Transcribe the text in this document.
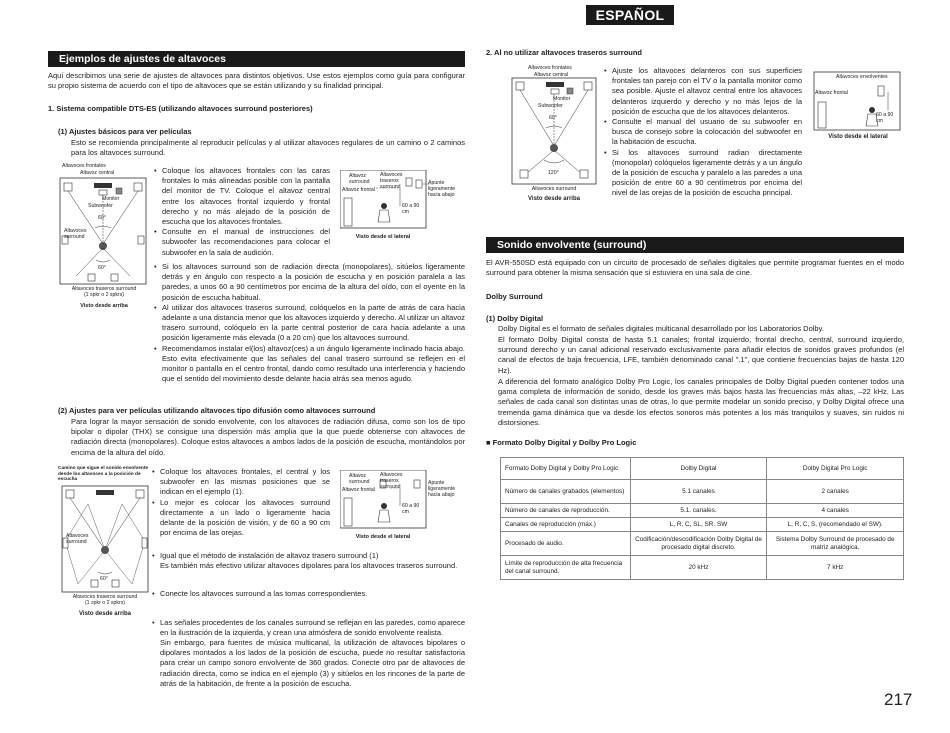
ESPAÑOL
Ejemplos de ajustes de altavoces
Aquí describimos una serie de ajustes de altavoces para distintos objetivos. Use estos ejemplos como guía para configurar su propio sistema de acuerdo con el tipo de altavoces que se están utilizando y su finalidad principal.
1. Sistema compatible DTS-ES (utilizando altavoces surround posteriores)
(1) Ajustes básicos para ver películas
Esto se recomienda principalmente al reproducir películas y al utilizar altavoces regulares de un camino o 2 caminos para los altavoces surround.
Altavoces frontales
Altavoz central
Monitor
Subwoofer
60°
Altavoces surround
60°
Altavoces traseros surround
(1 spkr o 2 spkrs)
Visto desde arriba
Altavoz surround
Altavoces traseros surround
Apunte ligeramente hacia abajo
Altavoz frontal
60 a 90 cm
Visto desde el lateral
• Coloque los altavoces frontales con las caras frontales lo más alineadas posible con la pantalla del monitor de TV. Coloque el altavoz central entre los altavoces frontal izquierdo y frontal derecho y no más alejado de la posición de escucha que los altavoces frontales.
• Consulte en el manual de instrucciones del subwoofer las recomendaciones para colocar el subwoofer en la sala de audición.
• Si los altavoces surround son de radiación directa (monopolares), sitúelos ligeramente detrás y en ángulo con respecto a la posición de escucha y en posición paralela a las paredes, a unos 60 a 90 centímetros por encima de la altura del oído, con el oyente en la posición de escucha habitual.
• Al utilizar dos altavoces traseros surround, colóquelos en la parte de atrás de cara hacia adelante a una distancia menor que los altavoces izquierdo y derecho. Al utilizar un altavoz trasero surround, colóquelo en la parte central posterior de cara hacia adelante a una posición ligeramente más elevada (0 a 20 cm) que los altavoces surround.
• Recomendamos instalar el(los) altavoz(ces) a un ángulo ligeramente inclinado hacia abajo. Esto evita efectivamente que las señales del canal trasero surround se reflejen en el monitor o pantalla en el centro frontal, dando como resultado una interferencia y haciendo que el sentido del movimiento desde delante hacia atrás sea menos agudo.
(2) Ajustes para ver películas utilizando altavoces tipo difusión como altavoces surround
Para lograr la mayor sensación de sonido envolvente, con los altavoces de radiación difusa, como son los de tipo bipolar o dipolar (THX) se consigue una dispersión más amplia que la que puede obtenerse con altavoces de radiación directa (monopolares). Coloque estos altavoces a ambos lados de la posición de escucha, montándolos por encima de la altura del oído.
Camino que sigue el sonido envolvente desde los altavoces a la posición de escucha
Altavoces surround
60°
Altavoces traseros surround
(1 spkr o 2 spkrs)
Visto desde arriba
Altavoz surround
Altavoces traseros surround
Apunte ligeramente hacia abajo
Altavoz frontal
60 a 90 cm
Visto desde el lateral
• Coloque los altavoces frontales, el central y los subwoofer en las mismas posiciones que se indican en el ejemplo (1).
• Lo mejor es colocar los altavoces surround directamente a un lado o ligeramente hacia delante de la posición de visión, y de 60 a 90 cm por encima de las orejas.

• Igual que el método de instalación de altavoz trasero surround (1)
Es también más efectivo utilizar altavoces dipolares para los altavoces traseros surround.

• Conecte los altavoces surround a las tomas correspondientes.

• Las señales procedentes de los canales surround se reflejan en las paredes, como aparece en la ilustración de la izquierda, y crean una atmósfera de sonido envolvente realista.
Sin embargo, para fuentes de música multicanal, la utilización de altavoces bipolares o dipolares montados a los lados de la posición de escucha, puede no resultar satisfactoria para crear un campo sonoro envolvente de 360 grados. Conecte otro par de altavoces de radiación directa, como se indica en el ejemplo (3) y sitúelos en los rincones de la parte de atrás de la habitación, de frente a la posición de escucha.

2. Al no utilizar altavoces traseros surround
Altavoces frontales
Altavoz central
Monitor
Subwoofer
60°
120°
Altavoces surround
Visto desde arriba
• Ajuste los altavoces delanteros con sus superficies frontales tan parejo con el TV o la pantalla monitor como sea posible. Ajuste el altavoz central entre los altavoces delanteros izquierdo y derecho y no más lejos de la posición de escucha que de los altavoces delanteros.
• Consulte el manual del usuario de su subwoofer en busca de consejo sobre la colocación del subwoofer en la habitación de escucha.
• Si los altavoces surround radian directamente (monopolar) colóquelos ligeramente detrás y a un ángulo de la posición de escucha y paralelo a las paredes a una posición de entre 60 a 90 centímetros por encima del nivel de las orejas de la posición de escucha principal.
Altavoces envolventes
Altavoz frontal
60 a 90 cm
Visto desde el lateral
Sonido envolvente (surround)
El AVR-550SD está equipado con un circuito de procesado de señales digitales que permite programar fuentes en el modo surround para obtener la misma sensación que si estuviera en una sala de cine.
Dolby Surround
(1) Dolby Digital
Dolby Digital es el formato de señales digitales multicanal desarrollado por los Laboratorios Dolby.
El formato Dolby Digital consta de hasta 5.1 canales; frontal izquierdo, frontal drecho, central, surround izquierdo, surround derecho y un canal adicional reservado exclusivamente para añadir efectos de sonidos graves profundos (el canal de efectos de baja frecuencia, LFE, también denominado canal ".1", que contiene frecuencias bajas de hasta 120 Hz).
A diferencia del formato analógico Dolby Pro Logic, los canales principales de Dolby Digital pueden contener todos una gama completa de información de sonido, desde los graves más bajos hasta las frecuencias más altas, –22 kHz. Las señales de cada canal son distintas unas de otras, lo que permite modelar un sonido preciso, y Dolby Digital ofrece una tremenda gama dinámica que va desde los efectos sonoros más potentes a los más tranquilos y suaves, sin ruidos ni distorsiones.
■ Formato Dolby Digital y Dolby Pro Logic
Formato Dolby Digital y Dolby Pro Logic	Dolby Digital	Dolby Digital Pro Logic
Número de canales grabados (elementos)	5.1 canales	2 canales
Número de canales de reproducción.	5.1. canales.	4 canales
Canales de reproducción (máx.)	L, R, C, SL, SR. SW	L, R, C, S, (recomendado el SW).
Procesado de audio.	Codificación/descodificación Dolby Digital de procesado digital discreto.	Sistema Dolby Surround de procesado de matriz analógica.
Límite de reproducción de alta frecuencia del canal surround.	20 kHz	7 kHz
217
